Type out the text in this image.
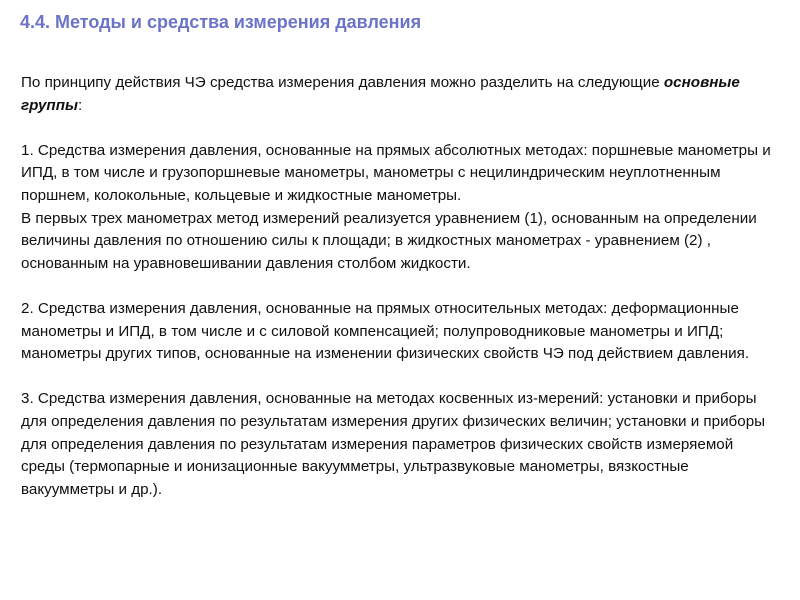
4.4. Методы и средства измерения давления

По принципу действия ЧЭ средства измерения давления можно разделить на следующие основные группы:

1. Средства измерения давления, основанные на прямых абсолютных методах: поршневые манометры и ИПД, в том числе и грузопоршневые манометры, манометры с нецилиндрическим неуплотненным поршнем, колокольные, кольцевые и жидкостные манометры.

В первых трех манометрах метод измерений реализуется уравнением (1), основанным на определении величины давления по отношению силы к площади; в жидкостных манометрах - уравнением (2) , основанным на уравновешивании давления столбом жидкости.

2. Средства измерения давления, основанные на прямых относительных методах: деформационные манометры и ИПД, в том числе и с силовой компенсацией; полупроводниковые манометры и ИПД; манометры других типов, основанные на изменении физических свойств ЧЭ под действием давления.

3. Средства измерения давления, основанные на методах косвенных из-мерений: установки и приборы для определения давления по результатам измерения других физических величин; установки и приборы для определения давления по результатам измерения параметров физических свойств измеряемой среды (термопарные и ионизационные вакуумметры, ультразвуковые манометры, вязкостные вакуумметры и др.).
